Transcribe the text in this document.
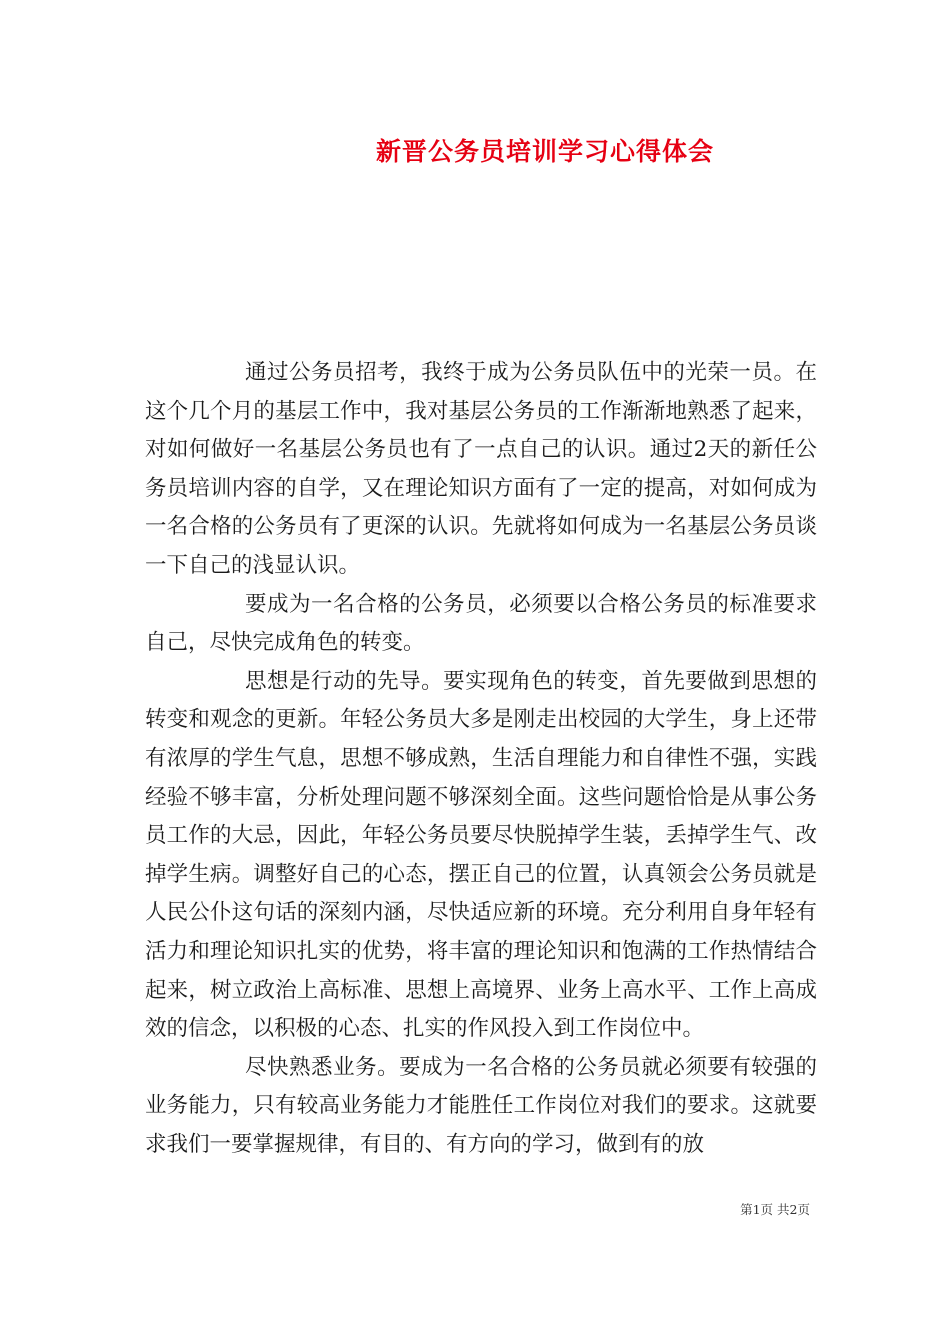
新晋公务员培训学习心得体会

通过公务员招考，我终于成为公务员队伍中的光荣一员。在这个几个月的基层工作中，我对基层公务员的工作渐渐地熟悉了起来，对如何做好一名基层公务员也有了一点自己的认识。通过2天的新任公务员培训内容的自学，又在理论知识方面有了一定的提高，对如何成为一名合格的公务员有了更深的认识。先就将如何成为一名基层公务员谈一下自己的浅显认识。

要成为一名合格的公务员，必须要以合格公务员的标准要求自己，尽快完成角色的转变。

思想是行动的先导。要实现角色的转变，首先要做到思想的转变和观念的更新。年轻公务员大多是刚走出校园的大学生，身上还带有浓厚的学生气息，思想不够成熟，生活自理能力和自律性不强，实践经验不够丰富，分析处理问题不够深刻全面。这些问题恰恰是从事公务员工作的大忌，因此，年轻公务员要尽快脱掉学生装，丢掉学生气、改掉学生病。调整好自己的心态，摆正自己的位置，认真领会公务员就是人民公仆这句话的深刻内涵，尽快适应新的环境。充分利用自身年轻有活力和理论知识扎实的优势，将丰富的理论知识和饱满的工作热情结合起来，树立政治上高标准、思想上高境界、业务上高水平、工作上高成效的信念，以积极的心态、扎实的作风投入到工作岗位中。

尽快熟悉业务。要成为一名合格的公务员就必须要有较强的业务能力，只有较高业务能力才能胜任工作岗位对我们的要求。这就要求我们一要掌握规律，有目的、有方向的学习，做到有的放

第1页 共2页
